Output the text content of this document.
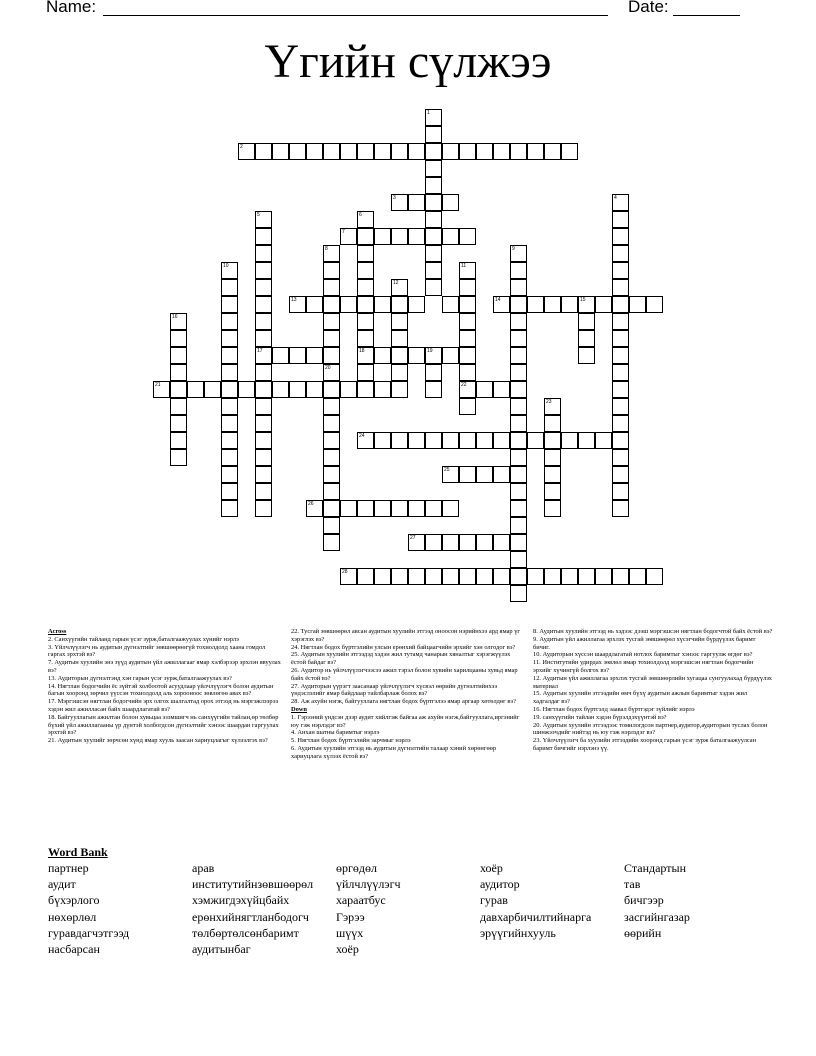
Name:	Date:
Үгийн сүлжээ
1
2
3
7
5
17
6
18
8
20
10
12
13
11
22
9
14	15
4
16
19
21
23
24
25
26
27
28
Across
2. Санхүүгийн тайланд гарын үсэг зурж,баталгаажуулах хүнийг нэрлэ
3. Үйлчлүүлэгч нь аудитын дүгнэлтийг зөвшөөрөөгүй тохиолдолд хаана гомдол гаргах эрхтэй вэ?
7. Аудитын хуулийн энэ зүүд аудитын үйл ажиллагааг ямар хэлбэрээр эрхлэн явуулах вэ?
13. Аудиторын дүгнэлтэнд хэн гарын үсэг зурж,баталгаажуулах вэ?
14. Нягтлан бодогчийн ёс зүйтэй холбоотой асуудлаар үйлчлүүлэгч болон аудитын багын хооронд зөрчил үүссэн тохиолдолд аль хороонооc зөвлөгөө авах вэ?
17. Мэргэшсэн нягтлан бодогчийн эрх олгох шалгалтад орох этгээд нь мэргэжлээрээ хэдэн жил ажилласан байх шаардлагатай вэ?
18. Байгууллагын ажилтан болон хувьцаа эзэмшигч нь санхүүгийн тайлан,өр төлбөр бүхий үйл ажиллагааны үр дүнтэй холбогдсон дүгнэлтийг хэнээс шаардан гаргуулах эрхтэй вэ?
21. Аудитын хуулийг зөрчсөн хүнд ямар хууль заасан хариуцлагыг хүлээлгэх вэ?
22. Тусгай зөвшөөрөл авсан аудитын хуулийн этгээд оноосон нэрийнхээ ард ямар үг хэрэглэх вэ?
24. Нягтлан бодох бүртгэлийн улсын ерөнхий байцаагчийн эрхийг хэн олгодог вэ?
25. Аудитын хуулийн этгээдэд хэдэн жил тутамд чанарын хяналтыг хэрэгжүүлэх ёстой байдаг вэ?
26. Аудитор нь үйлчлүүлэгчээсээ ажил тэрэл болон хувийн харилцааны хувьд ямар байх ёстой вэ?
27. Аудиторын үүрэгт заасанаар үйлчлүүлэгч хүсвэл өөрийн дүгнэлтийнхээ үндэслэлийг ямар байдлаар тайлбарлаж болох вэ?
28. Аж ахуйн нэгж, байгууллага нягтлан бодох бүртгэлээ ямар аргаар хөтөлдөг вэ?
Down
1. Гэрээний үндсэн дээр аудит хийлгэж байгаа аж ахуйн нэгж,байгууллага,иргэнийг юу гэж нэрлэдэг вэ?
4. Анхан шатны баримтыг нэрлэ
5. Нягтлан бодох бүртгэлийн зарчмыг нэрлэ
6. Аудитын хуулийн этгээд нь аудитын дүгнэлтийн талаар хэний хөрөнгөөр хариуцлага хүлээх ёстой вэ?
8. Аудитын хуулийн этгээд нь хэдээс дээш мэргэшсэн нягтлан бодогчтой байх ёстой вэ?
9. Аудитын үйл ажиллагаа эрхлэх тусгай зөвшөөрөл хүсэгчийн бүрдүүлэх баримт бичиг.
10. Аудиторын хүссэн шаардлагатай нотлох баримтыг хэнээс гаргуулж өгдөг вэ?
11. Институтийн удирдах зөвлөл ямар тохиолдолд мэргэшсэн нягтлан бодогчийн эрхийг хүчингүй болгох вэ?
12. Аудитын үйл ажиллагаа эрхлэх тусгай зөвшөөрлийн хугацаа сунгуулахад бүрдүүлэх материал
15. Аудитын хуулийн этгээдийн өмч бүхү аудитын ажлын баримтыг хэдэн жил хадгалдаг вэ?
16. Нягтлан бодох бүртгэлд заавал бүртгэдэг зүйлийг нэрлэ
19. санхүүгийн тайлан хэдэн бүрэлдэхүүнтэй вэ?
20. Аудитын хуулийн этгээдээс томилогдсон партнер,аудитор,аудиторын туслах болон шинжээчдийг нийтэд нь юу гэж нэрлэдэг вэ?
23. Үйлчлүүлэгч ба хуулийн этгээдийн хооронд гарын үсэг зурж баталгаажуулсан баримт бичгийг нэрлэнэ үү.
Word Bank
партнер	арав	өргөдөл	хоёр	Стандартын
аудит	институтийнзөвшөөрөл үйлчлүүлэгч	аудитор	тав
бүхэрлого	хэмжигдэхүйцбайх	хараатбус	гурав	бичгээр
нөхөрлөл	ерөнхийнягтланбодогч Гэрээ	давхарбичилтийнарга	засгийнгазар
гуравдагчэтгээд	төлбөртөлсөнбаримт	шүүх	эрүүгийнхууль	өөрийн
насбарсан	аудитынбаг	хоёр
